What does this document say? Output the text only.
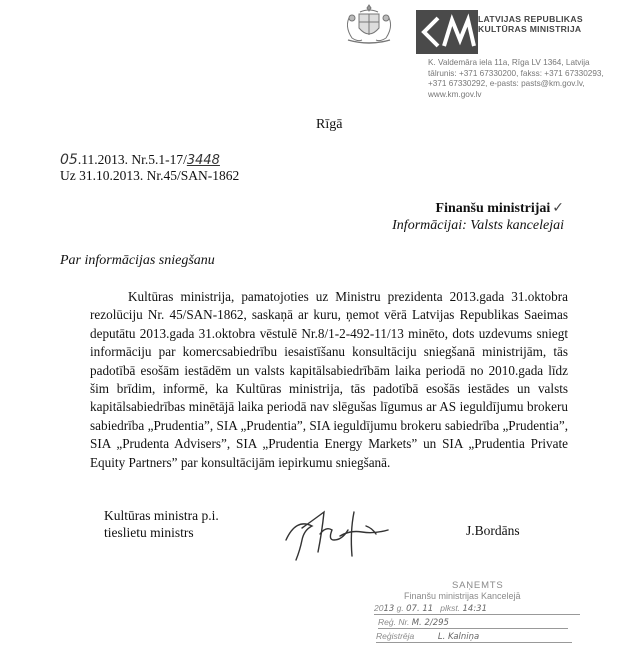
LATVIJAS REPUBLIKAS
KULTŪRAS MINISTRIJA
K. Valdemāra iela 11a, Rīga LV 1364, Latvija
tālrunis: +371 67330200, fakss: +371 67330293,
+371 67330292, e-pasts: pasts@km.gov.lv,
www.km.gov.lv
Rīgā
05.11.2013. Nr.5.1-17/3448
Uz 31.10.2013. Nr.45/SAN-1862
Finanšu ministrijai ✓
Informācijai: Valsts kancelejai
Par informācijas sniegšanu

Kultūras ministrija, pamatojoties uz Ministru prezidenta 2013.gada 31.oktobra rezolūciju Nr. 45/SAN-1862, saskaņā ar kuru, ņemot vērā Latvijas Republikas Saeimas deputātu 2013.gada 31.oktobra vēstulē Nr.8/1-2-492-11/13 minēto, dots uzdevums sniegt informāciju par komercsabiedrību iesaistīšanu konsultāciju sniegšanā ministrijām, tās padotībā esošām iestādēm un valsts kapitālsabiedrībām laika periodā no 2010.gada līdz šim brīdim, informē, ka Kultūras ministrija, tās padotībā esošās iestādes un valsts kapitālsabiedrības minētājā laika periodā nav slēgušas līgumus ar AS ieguldījumu brokeru sabiedrība „Prudentia”, SIA „Prudentia”, SIA ieguldījumu brokeru sabiedrība „Prudentia”, SIA „Prudenta Advisers”, SIA „Prudentia Energy Markets” un SIA „Prudentia Private Equity Partners” par konsultācijām iepirkumu sniegšanā.

Kultūras ministra p.i.
tieslietu ministrs	J.Bordāns
SAŅEMTS
Finanšu ministrijas Kancelejā
2013 g. 07. 11 plkst. 14:31
Reģ. Nr. M. 2/295
Reģistrēja	L. Kalniņa
